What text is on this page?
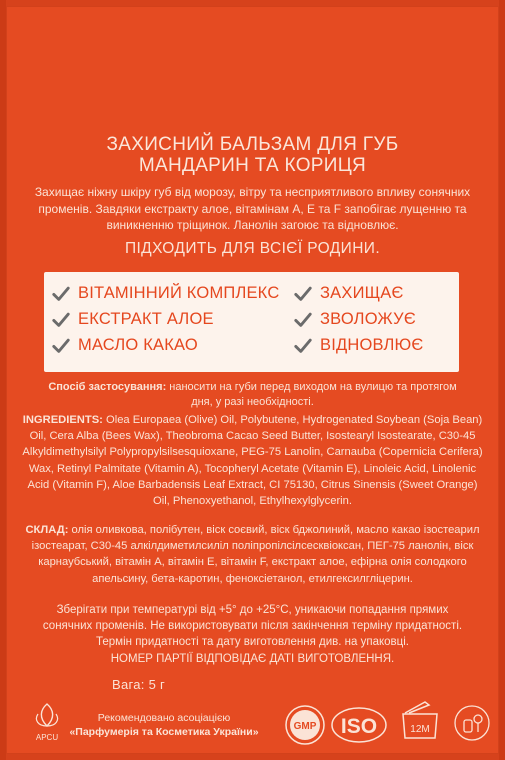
ЗАХИСНИЙ БАЛЬЗАМ ДЛЯ ГУБ
МАНДАРИН ТА КОРИЦЯ
Захищає ніжну шкіру губ від морозу, вітру та несприятливого впливу сонячних променів. Завдяки екстракту алое, вітамінам А, Е та F запобігає лущенню та виникненню тріщинок. Ланолін загоює та відновлює.
ПІДХОДИТЬ ДЛЯ ВСІЄЇ РОДИНИ.
ВІТАМІННИЙ КОМПЛЕКС
ЕКСТРАКТ АЛОЕ
МАСЛО КАКАО
ЗАХИЩАЄ
ЗВОЛОЖУЄ
ВІДНОВЛЮЄ
Спосіб застосування: наносити на губи перед виходом на вулицю та протягом дня, у разі необхідності.
INGREDIENTS: Olea Europaea (Olive) Oil, Polybutene, Hydrogenated Soybean (Soja Bean) Oil, Cera Alba (Bees Wax), Theobroma Cacao Seed Butter, Isostearyl Isostearate, C30-45 Alkyldimethylsilyl Polypropylsilsesquioxane, PEG-75 Lanolin, Carnauba (Copernicia Cerifera) Wax, Retinyl Palmitate (Vitamin A), Tocopheryl Acetate (Vitamin E), Linoleic Acid, Linolenic Acid (Vitamin F), Aloe Barbadensis Leaf Extract, CI 75130, Citrus Sinensis (Sweet Orange) Oil, Phenoxyethanol, Ethylhexylglycerin.
СКЛАД: олія оливкова, полібутен, віск соєвий, віск бджолиний, масло какао ізостеарил ізостеарат, С30-45 алкілдиметилсиліл поліпропілсілсесквіоксан, ПЕГ-75 ланолін, віск карнаубський, вітамін А, вітамін Е, вітамін F, екстракт алое, ефірна олія солодкого апельсину, бета-каротин, феноксіетанол, етилгексилгліцерин.
Зберігати при температурі від +5° до +25°С, уникаючи попадання прямих
сонячних променів. Не використовувати після закінчення терміну придатності.
Термін придатності та дату виготовлення див. на упаковці.
НОМЕР ПАРТІЇ ВІДПОВІДАЄ ДАТІ ВИГОТОВЛЕННЯ.
Вага: 5 г
APCU
Рекомендовано асоціацією
«Парфумерія та Косметика України»	GMP ISO	12M
